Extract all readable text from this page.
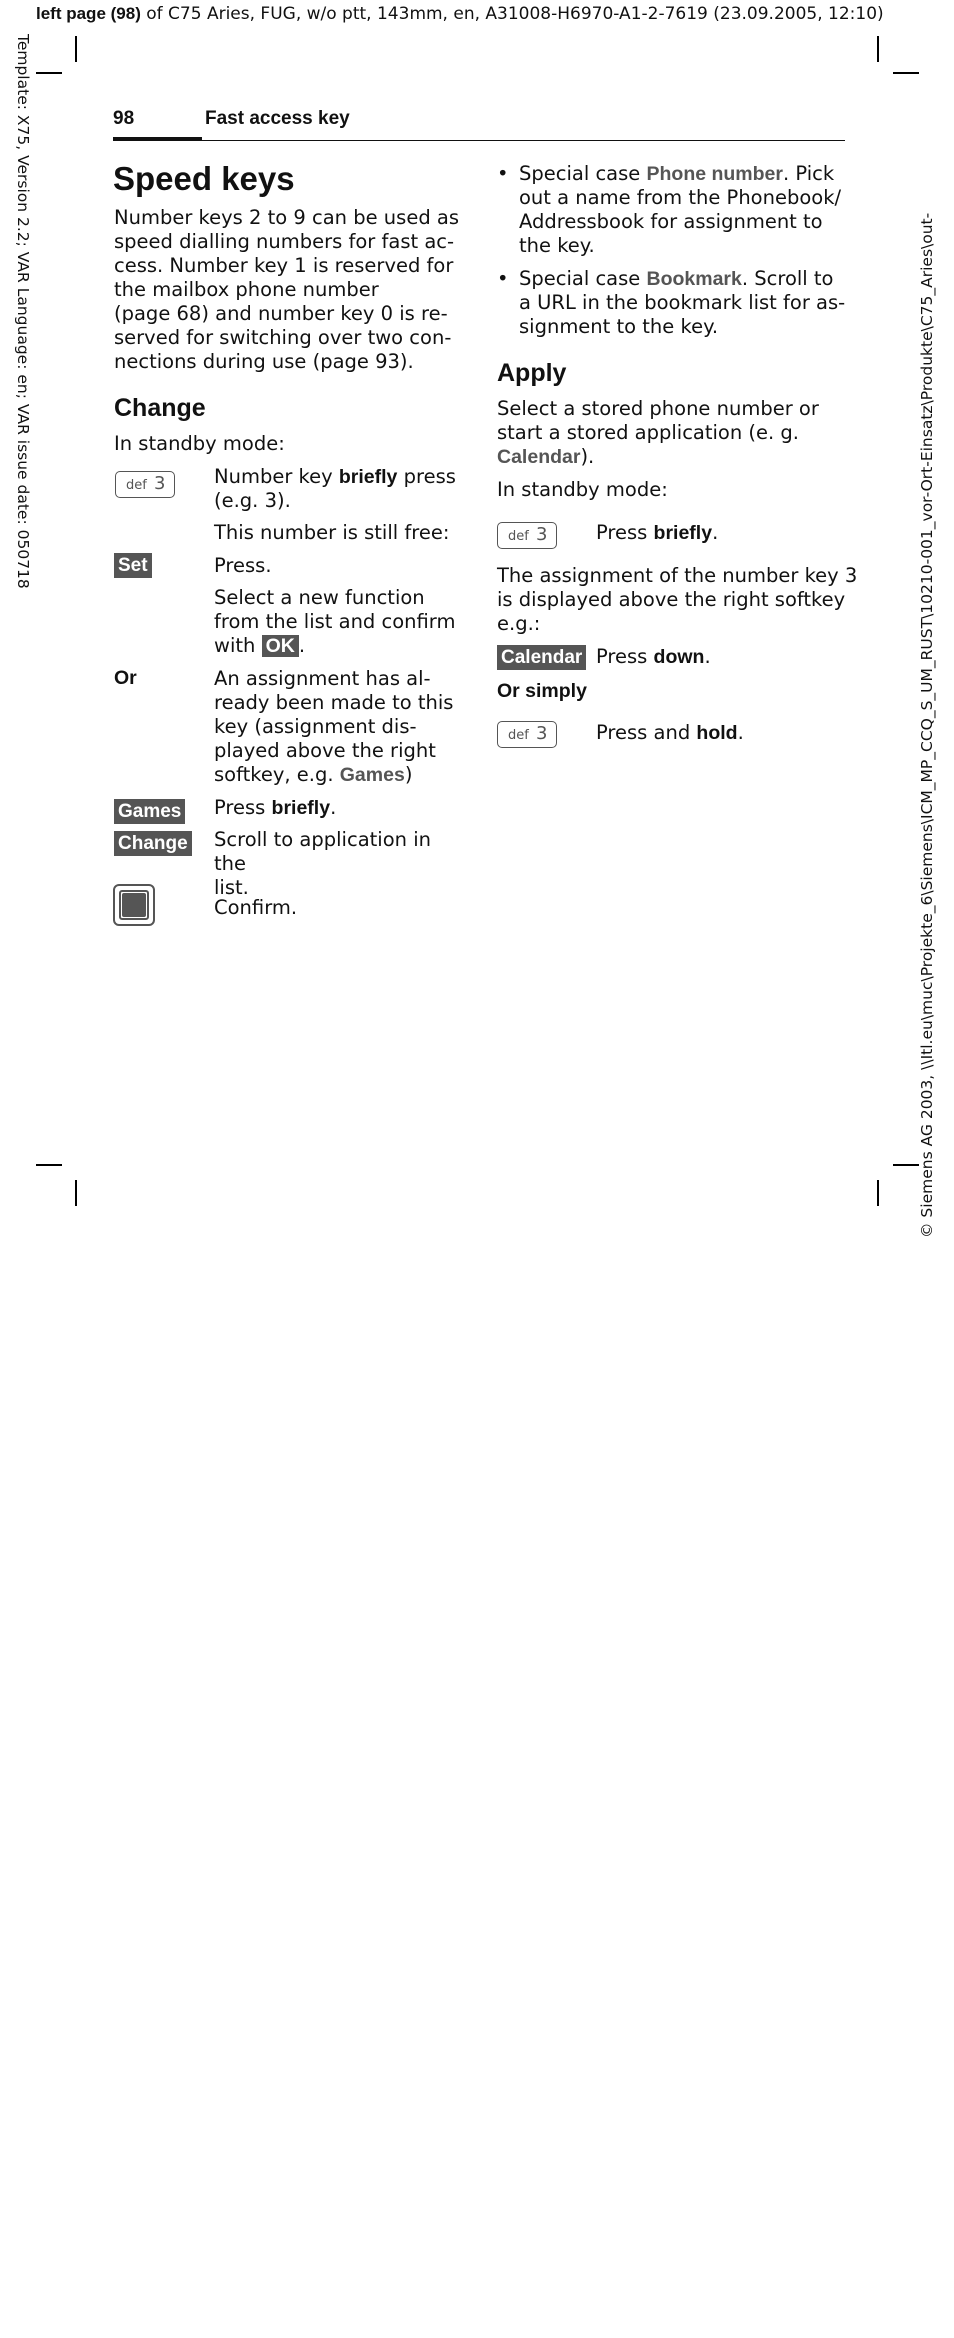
left page (98) of C75 Aries, FUG, w/o ptt, 143mm, en, A31008-H6970-A1-2-7619 (23.09.2005, 12:10)
Template: X75, Version 2.2; VAR Language: en; VAR issue date: 050718	© Siemens AG 2003, \\Itl.eu\muc\Projekte_6\Siemens\ICM_MP_CCQ_S_UM_RUST\10210-001_vor-Ort-Einsatz\Produkte\C75_Aries\out-
98	Fast access key
Speed keys
Number keys 2 to 9 can be used as
speed dialling numbers for fast ac-
cess. Number key 1 is reserved for
the mailbox phone number
(page 68) and number key 0 is re-
served for switching over two con-
nections during use (page 93).
Change
In standby mode:
def 3 Number key briefly press
(e.g. 3).
This number is still free:
Set	Press.
Select a new function
from the list and confirm
with OK .
Or	An assignment has al-
ready been made to this
key (assignment dis-
played above the right
softkey, e.g. Games)
Games Press briefly.
Change Scroll to application in the
list.
Confirm.
• Special case Phone number. Pick
out a name from the Phonebook/
Addressbook for assignment to
the key.
• Special case Bookmark. Scroll to
a URL in the bookmark list for as-
signment to the key.
Apply
Select a stored phone number or
start a stored application (e. g.
Calendar).
In standby mode:
def 3 Press briefly.
The assignment of the number key 3
is displayed above the right softkey
e.g.:
Calendar Press down.
Or simply
def 3 Press and hold.
